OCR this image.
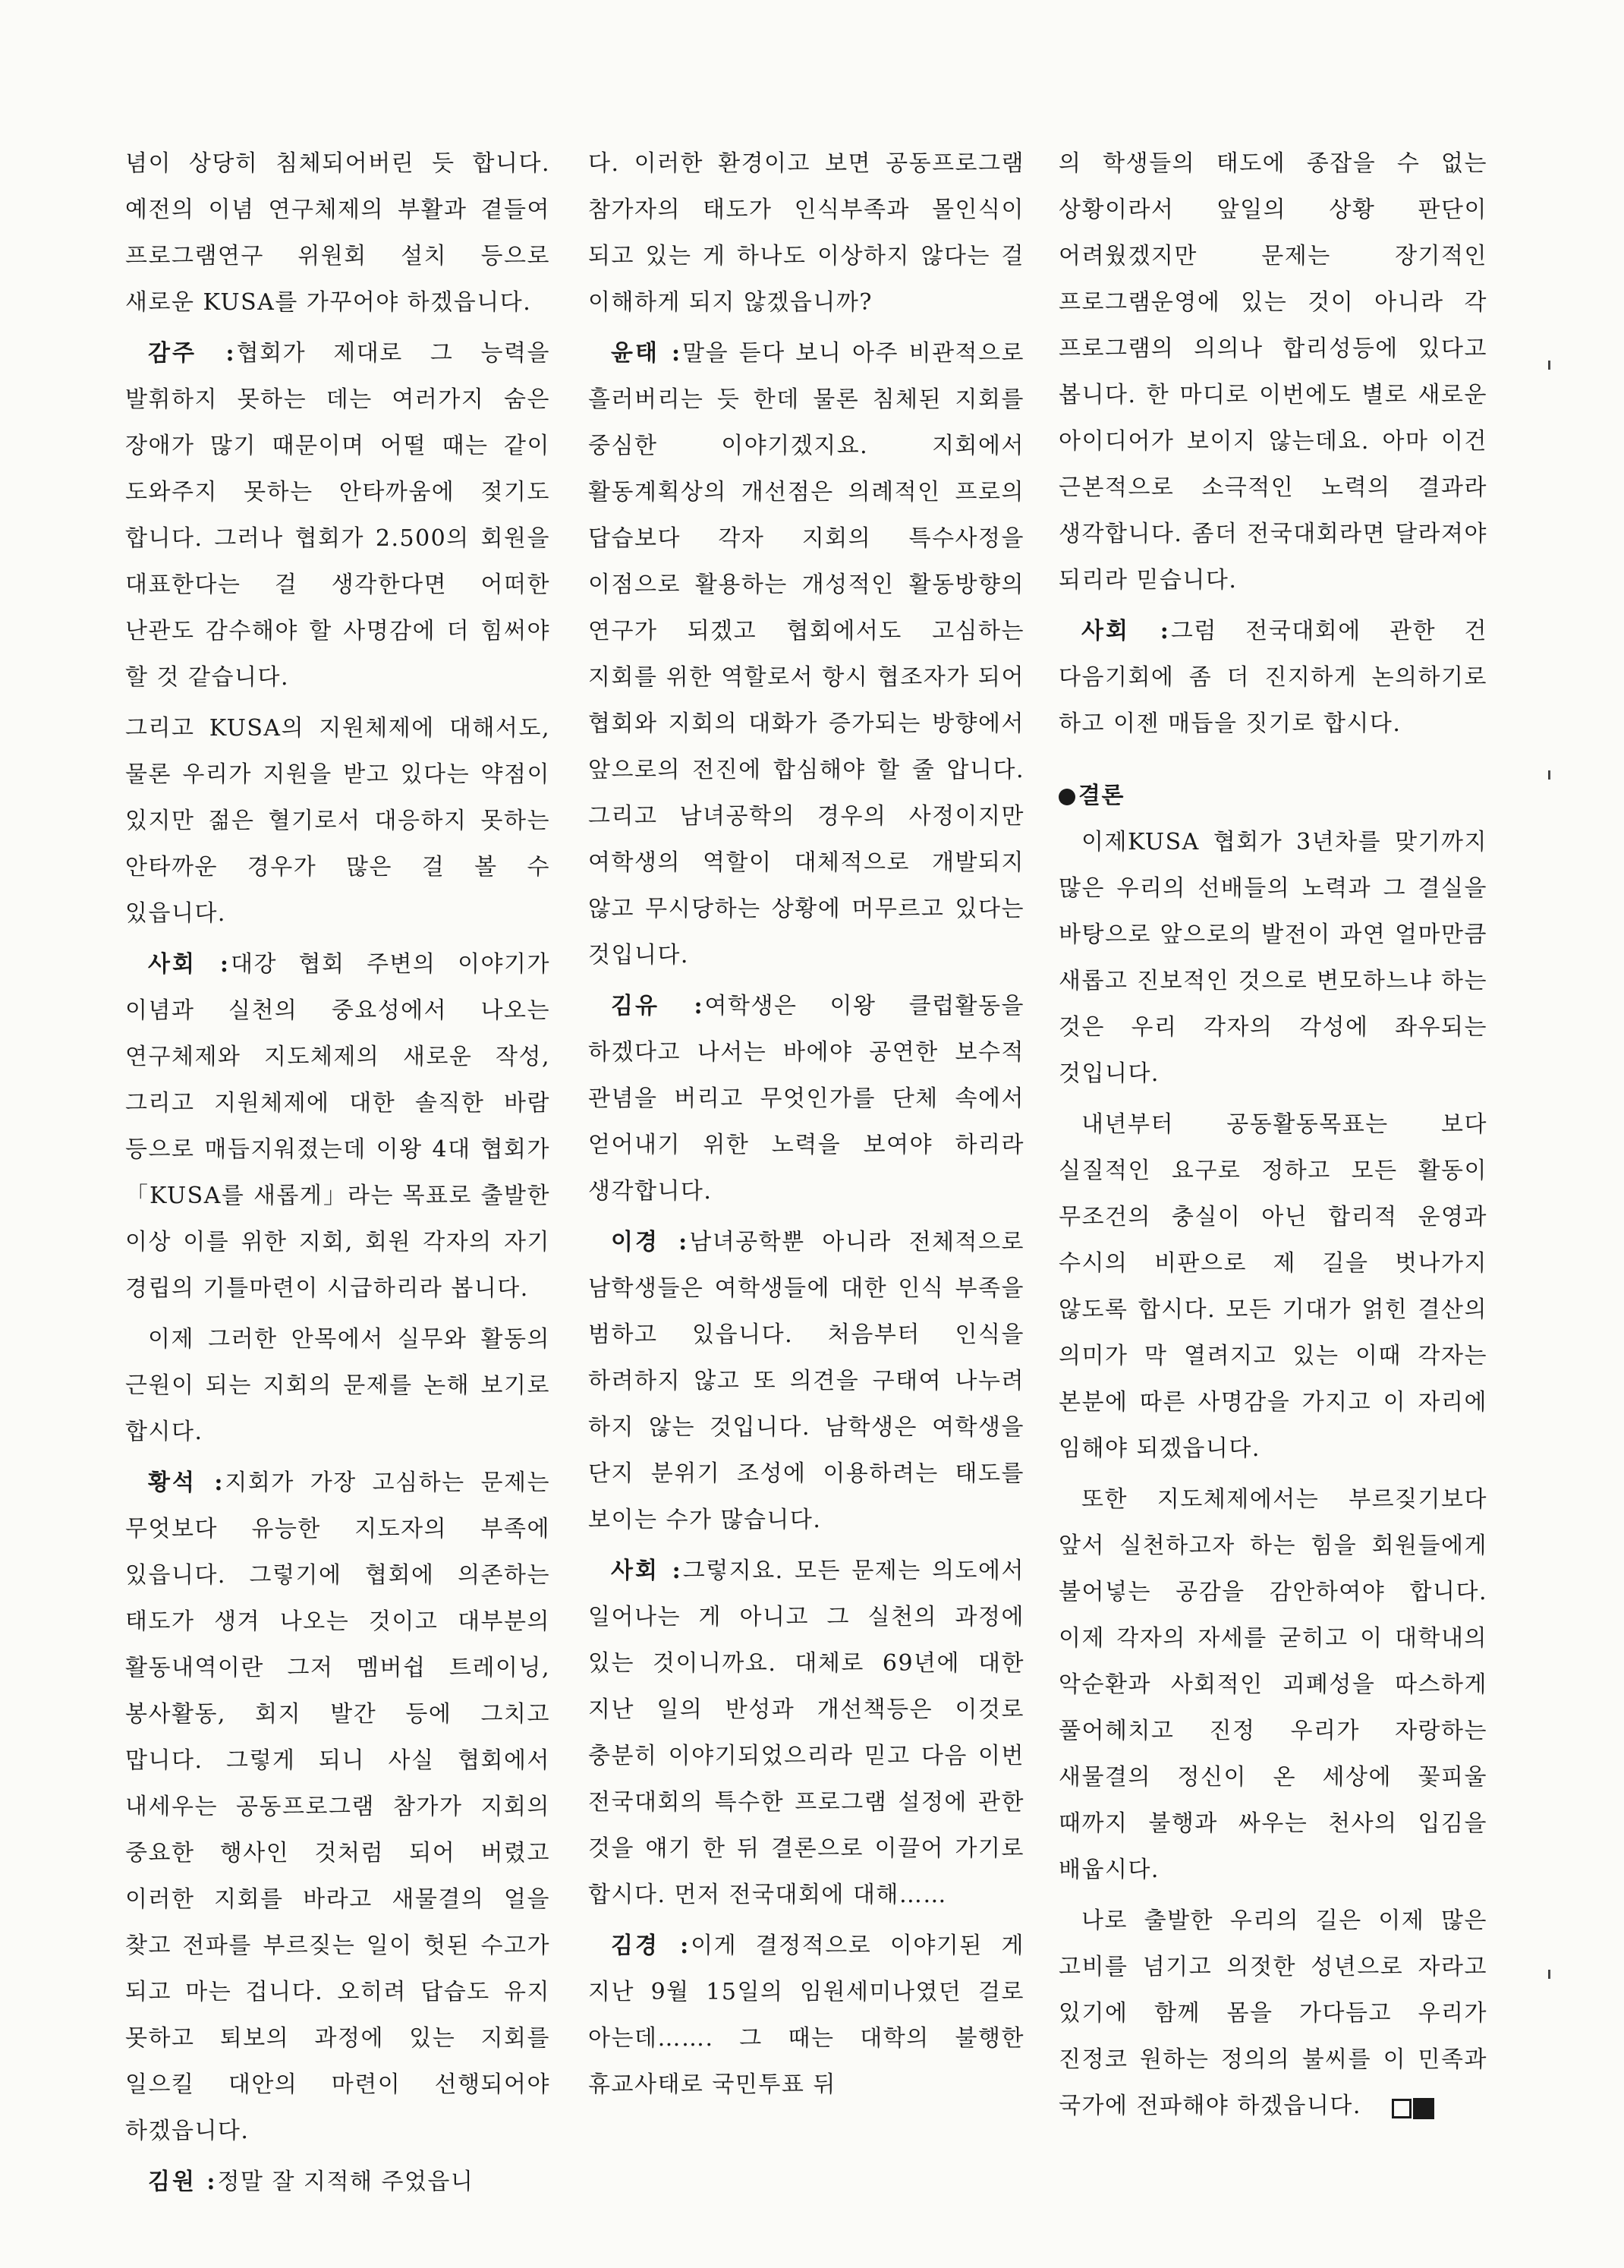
념이 상당히 침체되어버린 듯 합니다. 예전의 이념 연구체제의 부활과 곁들여 프로그램연구 위원회 설치 등으로 새로운 KUSA를 가꾸어야 하겠읍니다.

감주 :협회가 제대로 그 능력을 발휘하지 못하는 데는 여러가지 숨은 장애가 많기 때문이며 어떨 때는 같이 도와주지 못하는 안타까움에 젖기도 합니다. 그러나 협회가 2.500의 회원을 대표한다는 걸 생각한다면 어떠한 난관도 감수해야 할 사명감에 더 힘써야 할 것 같습니다.

그리고 KUSA의 지원체제에 대해서도, 물론 우리가 지원을 받고 있다는 약점이 있지만 젊은 혈기로서 대응하지 못하는 안타까운 경우가 많은 걸 볼 수 있읍니다.

사회 :대강 협회 주변의 이야기가 이념과 실천의 중요성에서 나오는 연구체제와 지도체제의 새로운 작성, 그리고 지원체제에 대한 솔직한 바람 등으로 매듭지워졌는데 이왕 4대 협회가「KUSA를 새롭게」라는 목표로 출발한 이상 이를 위한 지회, 회원 각자의 자기 경립의 기틀마련이 시급하리라 봅니다.

이제 그러한 안목에서 실무와 활동의 근원이 되는 지회의 문제를 논해 보기로 합시다.

황석 :지회가 가장 고심하는 문제는 무엇보다 유능한 지도자의 부족에 있읍니다. 그렇기에 협회에 의존하는 태도가 생겨 나오는 것이고 대부분의 활동내역이란 그저 멤버쉽 트레이닝, 봉사활동, 회지 발간 등에 그치고 맙니다. 그렇게 되니 사실 협회에서 내세우는 공동프로그램 참가가 지회의 중요한 행사인 것처럼 되어 버렸고 이러한 지회를 바라고 새물결의 얼을 찾고 전파를 부르짖는 일이 헛된 수고가 되고 마는 겁니다. 오히려 답습도 유지 못하고 퇴보의 과정에 있는 지회를 일으킬 대안의 마련이 선행되어야 하겠읍니다.

김원 :정말 잘 지적해 주었읍니

다. 이러한 환경이고 보면 공동프로그램 참가자의 태도가 인식부족과 몰인식이 되고 있는 게 하나도 이상하지 않다는 걸 이해하게 되지 않겠읍니까?

윤태 :말을 듣다 보니 아주 비관적으로 흘러버리는 듯 한데 물론 침체된 지회를 중심한 이야기겠지요. 지회에서 활동계획상의 개선점은 의례적인 프로의 답습보다 각자 지회의 특수사정을 이점으로 활용하는 개성적인 활동방향의 연구가 되겠고 협회에서도 고심하는 지회를 위한 역할로서 항시 협조자가 되어 협회와 지회의 대화가 증가되는 방향에서 앞으로의 전진에 합심해야 할 줄 압니다. 그리고 남녀공학의 경우의 사정이지만 여학생의 역할이 대체적으로 개발되지 않고 무시당하는 상황에 머무르고 있다는 것입니다.

김유 :여학생은 이왕 클럽활동을 하겠다고 나서는 바에야 공연한 보수적 관념을 버리고 무엇인가를 단체 속에서 얻어내기 위한 노력을 보여야 하리라 생각합니다.

이경 :남녀공학뿐 아니라 전체적으로 남학생들은 여학생들에 대한 인식 부족을 범하고 있읍니다. 처음부터 인식을 하려하지 않고 또 의견을 구태여 나누려 하지 않는 것입니다. 남학생은 여학생을 단지 분위기 조성에 이용하려는 태도를 보이는 수가 많습니다.

사회 :그렇지요. 모든 문제는 의도에서 일어나는 게 아니고 그 실천의 과정에 있는 것이니까요. 대체로 69년에 대한 지난 일의 반성과 개선책등은 이것로 충분히 이야기되었으리라 믿고 다음 이번 전국대회의 특수한 프로그램 설정에 관한 것을 얘기 한 뒤 결론으로 이끌어 가기로 합시다. 먼저 전국대회에 대해……

김경 :이게 결정적으로 이야기된 게 지난 9월 15일의 임원세미나였던 걸로 아는데……. 그 때는 대학의 불행한 휴교사태로 국민투표 뒤

의 학생들의 태도에 종잡을 수 없는 상황이라서 앞일의 상황 판단이 어려웠겠지만 문제는 장기적인 프로그램운영에 있는 것이 아니라 각 프로그램의 의의나 합리성등에 있다고 봅니다. 한 마디로 이번에도 별로 새로운 아이디어가 보이지 않는데요. 아마 이건 근본적으로 소극적인 노력의 결과라 생각합니다. 좀더 전국대회라면 달라져야 되리라 믿습니다.

사회 :그럼 전국대회에 관한 건 다음기회에 좀 더 진지하게 논의하기로 하고 이젠 매듭을 짓기로 합시다.

결론

이제KUSA 협회가 3년차를 맞기까지 많은 우리의 선배들의 노력과 그 결실을 바탕으로 앞으로의 발전이 과연 얼마만큼 새롭고 진보적인 것으로 변모하느냐 하는 것은 우리 각자의 각성에 좌우되는 것입니다.

내년부터 공동활동목표는 보다 실질적인 요구로 정하고 모든 활동이 무조건의 충실이 아닌 합리적 운영과 수시의 비판으로 제 길을 벗나가지 않도록 합시다. 모든 기대가 얽힌 결산의 의미가 막 열려지고 있는 이때 각자는 본분에 따른 사명감을 가지고 이 자리에 임해야 되겠읍니다.

또한 지도체제에서는 부르짖기보다 앞서 실천하고자 하는 힘을 회원들에게 불어넣는 공감을 감안하여야 합니다. 이제 각자의 자세를 굳히고 이 대학내의 악순환과 사회적인 괴폐성을 따스하게 풀어헤치고 진정 우리가 자랑하는 새물결의 정신이 온 세상에 꽃피울 때까지 불행과 싸우는 천사의 입김을 배웁시다.

나로 출발한 우리의 길은 이제 많은 고비를 넘기고 의젓한 성년으로 자라고 있기에 함께 몸을 가다듬고 우리가 진정코 원하는 정의의 불씨를 이 민족과 국가에 전파해야 하겠읍니다.
